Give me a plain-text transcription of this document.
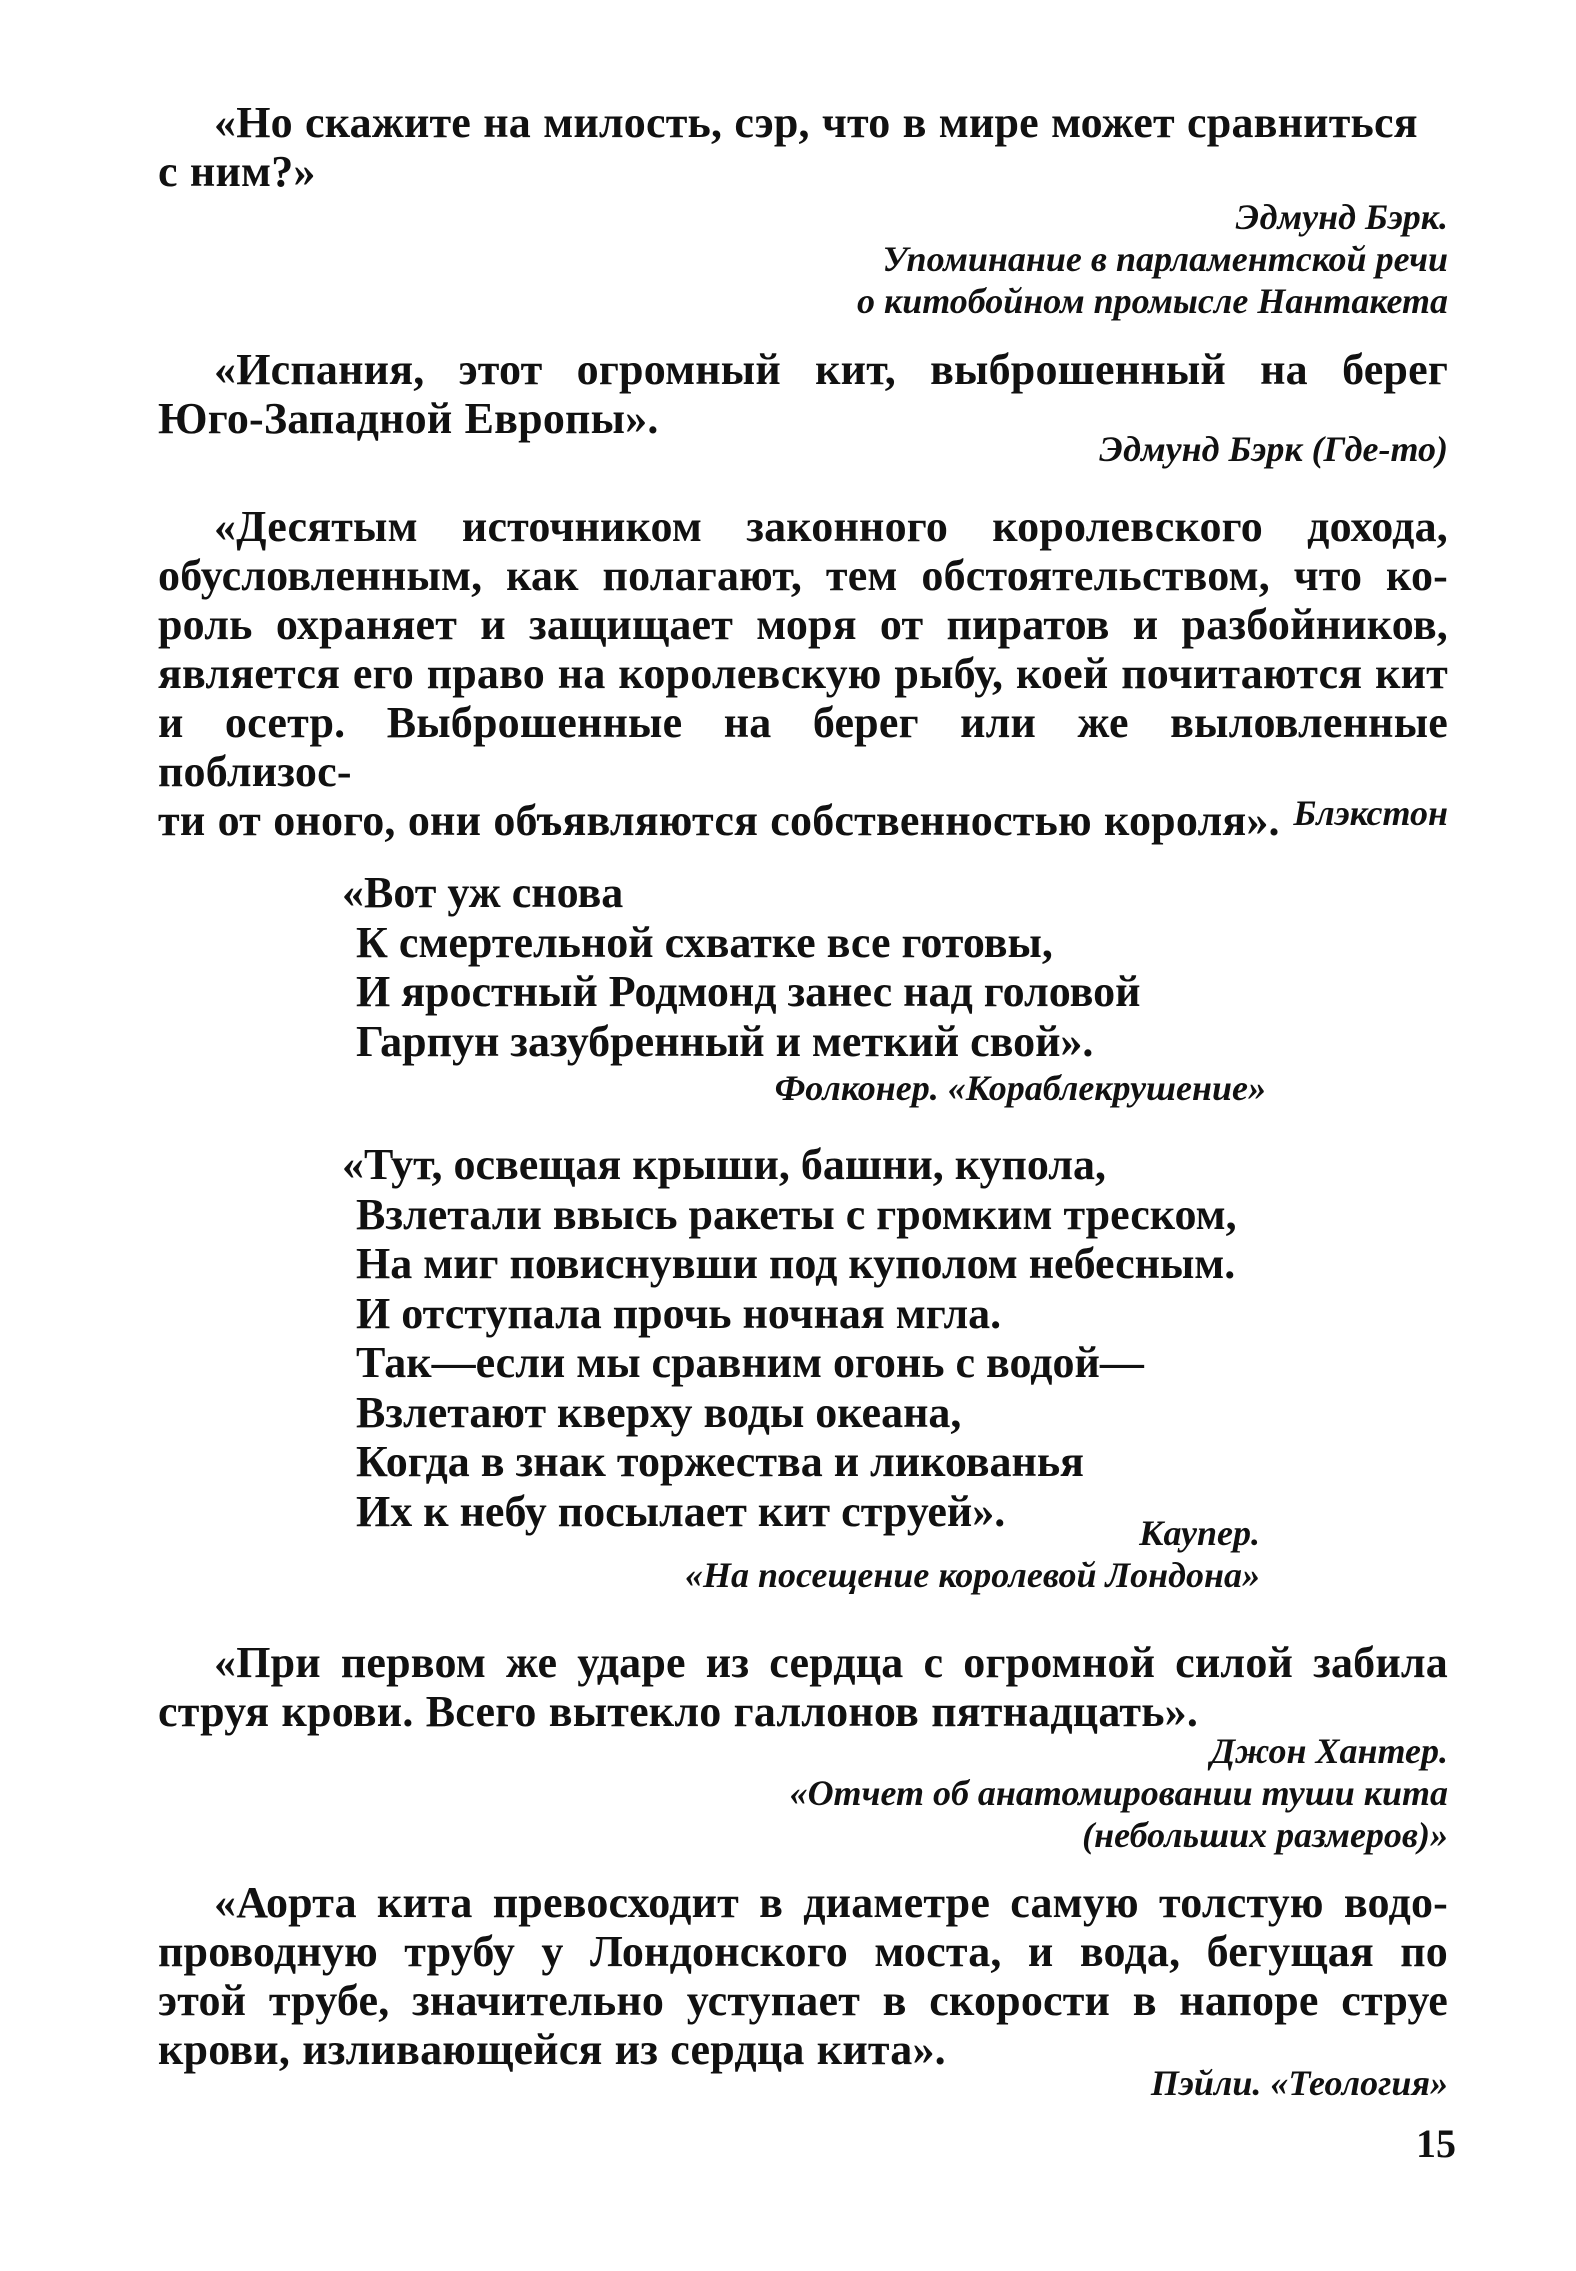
«Но скажите на милость, сэр, что в мире может сравниться

с ним?»

Эдмунд Бэрк.
Упоминание в парламентской речи
о китобойном промысле Нантакета

«Испания, этот огромный кит, выброшенный на берег

Юго-Западной Европы».

Эдмунд Бэрк (Где-то)

«Десятым источником законного королевского дохода,

обусловленным, как полагают, тем обстоятельством, что ко-

роль охраняет и защищает моря от пиратов и разбойников,

является его право на королевскую рыбу, коей почитаются кит

и осетр. Выброшенные на берег или же выловленные поблизос-

ти от оного, они объявляются собственностью короля». Блэкстон
«Вот уж снова
К смертельной схватке все готовы,
И яростный Родмонд занес над головой
Гарпун зазубренный и меткий свой».
Фолконер. «Кораблекрушение»
«Тут, освещая крыши, башни, купола,
Взлетали ввысь ракеты с громким треском,
На миг повиснувши под куполом небесным.
И отступала прочь ночная мгла.
Так—если мы сравним огонь с водой—
Взлетают кверху воды океана,
Когда в знак торжества и ликованья
Их к небу посылает кит струей».	Каупер.
«На посещение королевой Лондона»

«При первом же ударе из сердца с огромной силой забила

струя крови. Всего вытекло галлонов пятнадцать».

Джон Хантер.
«Отчет об анатомировании туши кита
(небольших размеров)»

«Аорта кита превосходит в диаметре самую толстую водо-

проводную трубу у Лондонского моста, и вода, бегущая по

этой трубе, значительно уступает в скорости в напоре струе

крови, изливающейся из сердца кита».

Пэйли. «Теология»
15
